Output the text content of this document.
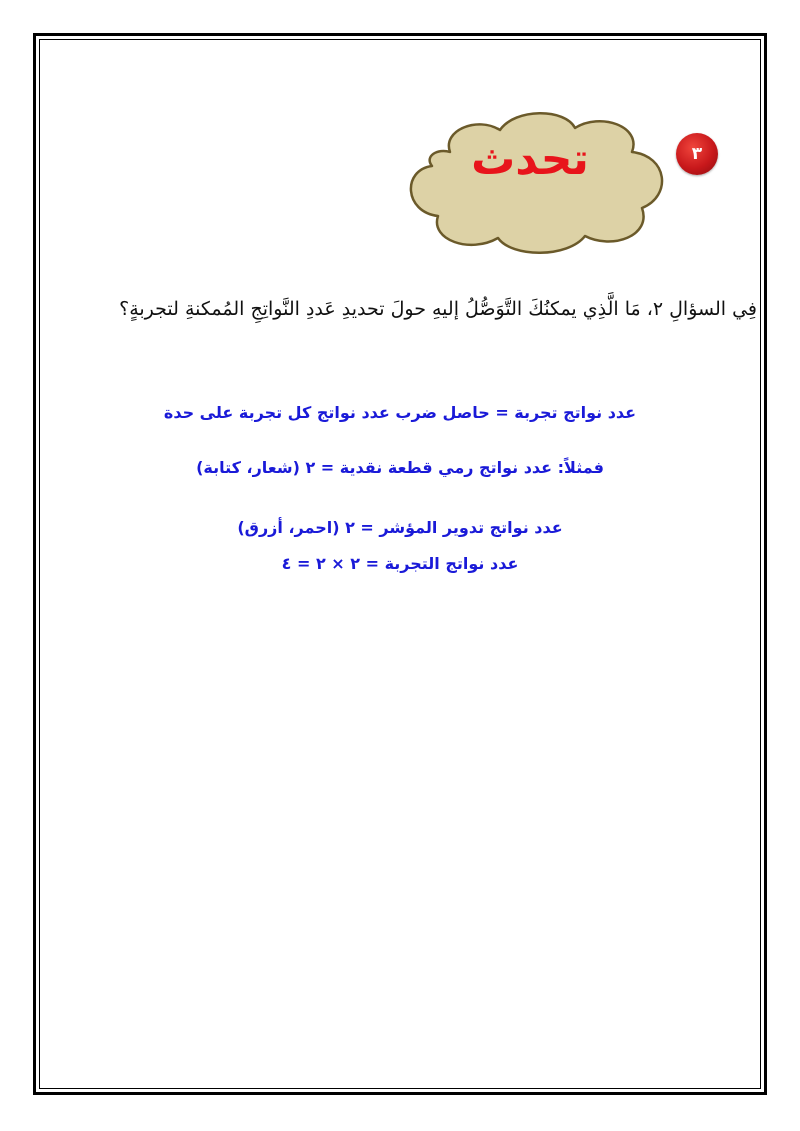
٣
تحدث
فِي السؤالِ ٢، مَا الَّذِي يمكنُكَ التَّوَصُّلُ إليهِ حولَ تحديدِ عَددِ النَّواتِجِ المُمكنةِ لتجربةٍ؟
عدد نواتج تجربة = حاصل ضرب عدد نواتج كل تجربة على حدة
فمثلاً: عدد نواتج رمي قطعة نقدية = ٢ (شعار، كتابة)
عدد نواتج تدوير المؤشر = ٢ (احمر، أزرق)
عدد نواتج التجربة = ٢ × ٢ = ٤
